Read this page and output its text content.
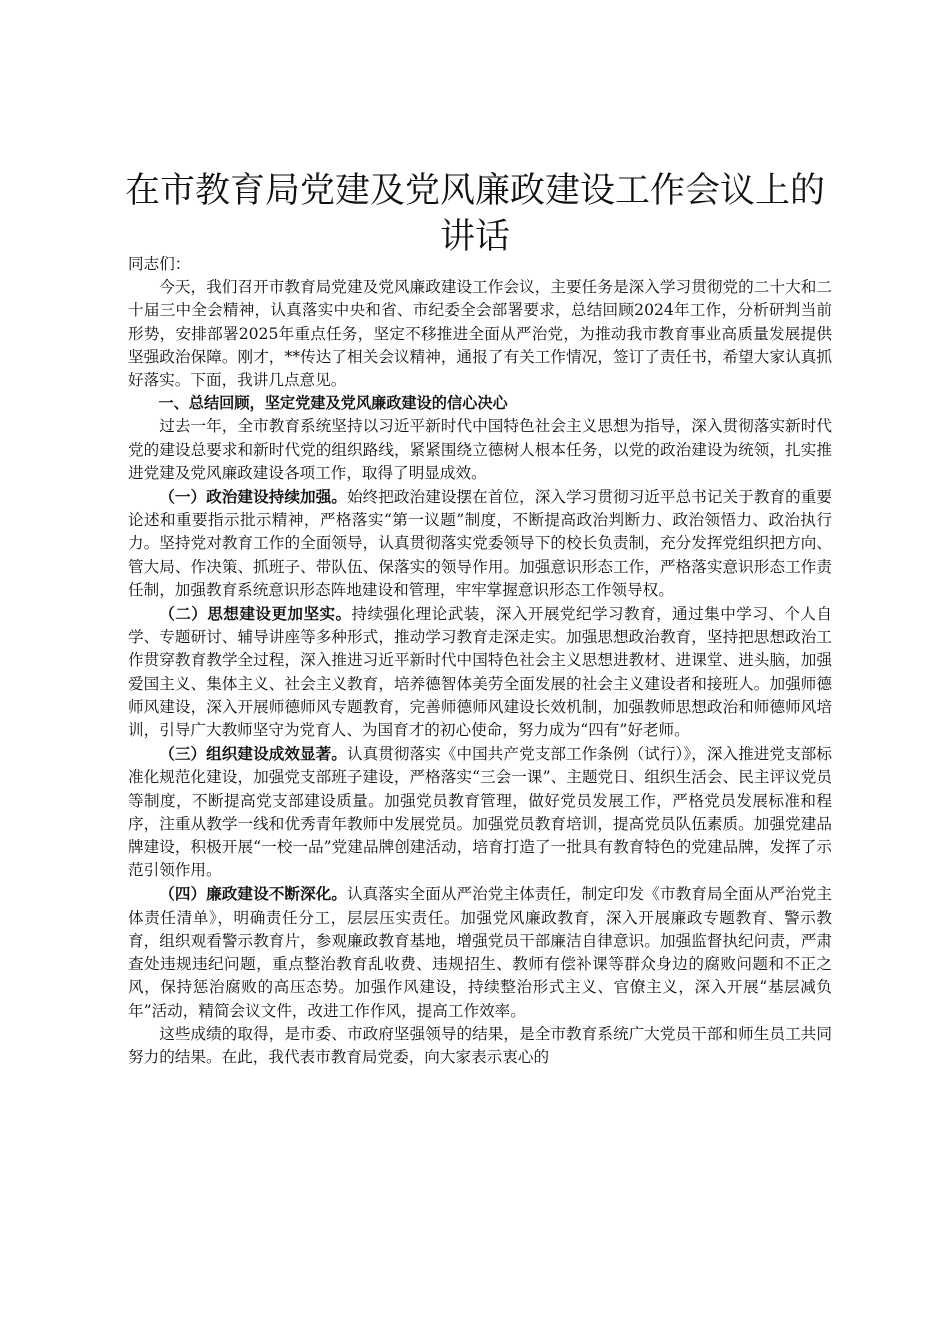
在市教育局党建及党风廉政建设工作会议上的
讲话

同志们：

今天，我们召开市教育局党建及党风廉政建设工作会议，主要任务是深入学习贯彻党的二十大和二十届三中全会精神，认真落实中央和省、市纪委全会部署要求，总结回顾2024年工作，分析研判当前形势，安排部署2025年重点任务，坚定不移推进全面从严治党，为推动我市教育事业高质量发展提供坚强政治保障。刚才，**传达了相关会议精神，通报了有关工作情况，签订了责任书，希望大家认真抓好落实。下面，我讲几点意见。

一、总结回顾，坚定党建及党风廉政建设的信心决心

过去一年，全市教育系统坚持以习近平新时代中国特色社会主义思想为指导，深入贯彻落实新时代党的建设总要求和新时代党的组织路线，紧紧围绕立德树人根本任务，以党的政治建设为统领，扎实推进党建及党风廉政建设各项工作，取得了明显成效。

（一）政治建设持续加强。始终把政治建设摆在首位，深入学习贯彻习近平总书记关于教育的重要论述和重要指示批示精神，严格落实“第一议题”制度，不断提高政治判断力、政治领悟力、政治执行力。坚持党对教育工作的全面领导，认真贯彻落实党委领导下的校长负责制，充分发挥党组织把方向、管大局、作决策、抓班子、带队伍、保落实的领导作用。加强意识形态工作，严格落实意识形态工作责任制，加强教育系统意识形态阵地建设和管理，牢牢掌握意识形态工作领导权。

（二）思想建设更加坚实。持续强化理论武装，深入开展党纪学习教育，通过集中学习、个人自学、专题研讨、辅导讲座等多种形式，推动学习教育走深走实。加强思想政治教育，坚持把思想政治工作贯穿教育教学全过程，深入推进习近平新时代中国特色社会主义思想进教材、进课堂、进头脑，加强爱国主义、集体主义、社会主义教育，培养德智体美劳全面发展的社会主义建设者和接班人。加强师德师风建设，深入开展师德师风专题教育，完善师德师风建设长效机制，加强教师思想政治和师德师风培训，引导广大教师坚守为党育人、为国育才的初心使命，努力成为“四有”好老师。

（三）组织建设成效显著。认真贯彻落实《中国共产党支部工作条例（试行）》，深入推进党支部标准化规范化建设，加强党支部班子建设，严格落实“三会一课”、主题党日、组织生活会、民主评议党员等制度，不断提高党支部建设质量。加强党员教育管理，做好党员发展工作，严格党员发展标准和程序，注重从教学一线和优秀青年教师中发展党员。加强党员教育培训，提高党员队伍素质。加强党建品牌建设，积极开展“一校一品”党建品牌创建活动，培育打造了一批具有教育特色的党建品牌，发挥了示范引领作用。

（四）廉政建设不断深化。认真落实全面从严治党主体责任，制定印发《市教育局全面从严治党主体责任清单》，明确责任分工，层层压实责任。加强党风廉政教育，深入开展廉政专题教育、警示教育，组织观看警示教育片，参观廉政教育基地，增强党员干部廉洁自律意识。加强监督执纪问责，严肃查处违规违纪问题，重点整治教育乱收费、违规招生、教师有偿补课等群众身边的腐败问题和不正之风，保持惩治腐败的高压态势。加强作风建设，持续整治形式主义、官僚主义，深入开展“基层减负年”活动，精简会议文件，改进工作作风，提高工作效率。

这些成绩的取得，是市委、市政府坚强领导的结果，是全市教育系统广大党员干部和师生员工共同努力的结果。在此，我代表市教育局党委，向大家表示衷心的
